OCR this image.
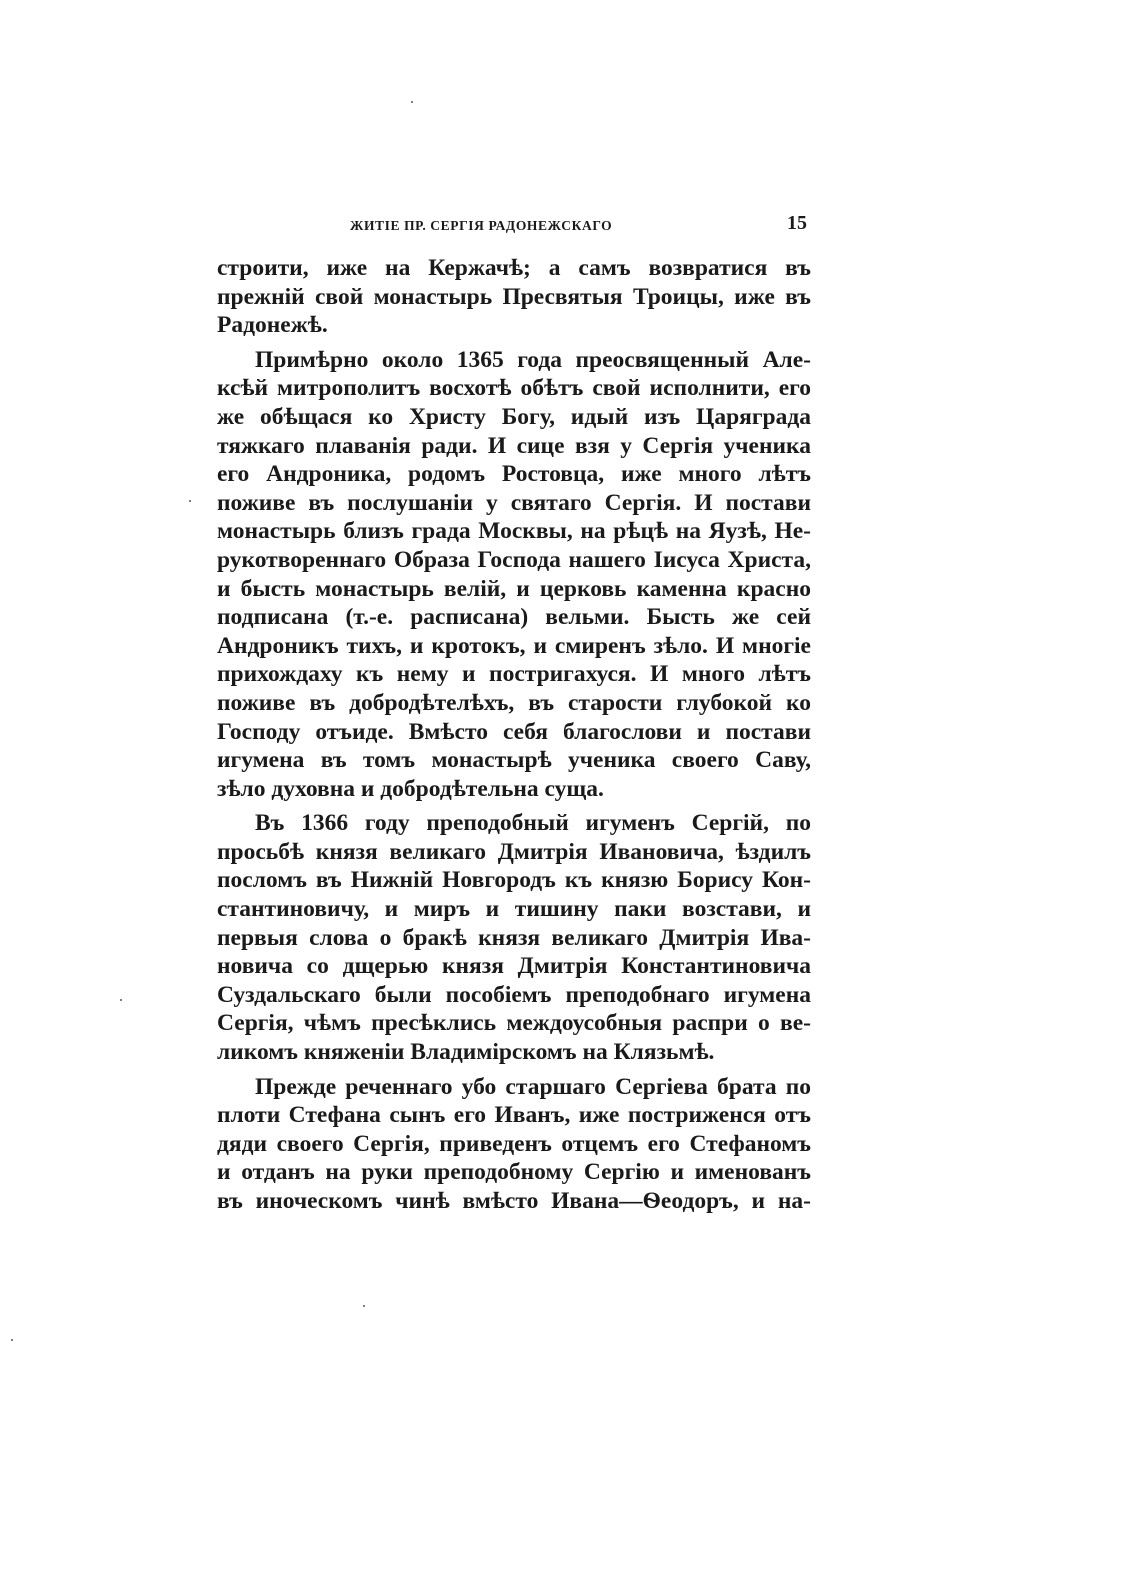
ЖИТІЕ ПР. СЕРГІЯ РАДОНЕЖСКАГО	15
строити, иже на Кержачѣ; а самъ возвратися въ
прежній свой монастырь Пресвятыя Троицы, иже въ
Радонежѣ.
Примѣрно около 1365 года преосвященный Але-
ксѣй митрополитъ восхотѣ обѣтъ свой исполнити, его
же обѣщася ко Христу Богу, идый изъ Царяграда
тяжкаго плаванія ради. И сице взя у Сергія ученика
его Андроника, родомъ Ростовца, иже много лѣтъ
поживе въ послушаніи у святаго Сергія. И постави
монастырь близъ града Москвы, на рѣцѣ на Яузѣ, Не-
рукотвореннаго Образа Господа нашего Іисуса Христа,
и бысть монастырь велій, и церковь каменна красно
подписана (т.-е. расписана) вельми. Бысть же сей
Андроникъ тихъ, и кротокъ, и смиренъ зѣло. И многіе
прихождаху къ нему и постригахуся. И много лѣтъ
поживе въ добродѣтелѣхъ, въ старости глубокой ко
Господу отъиде. Вмѣсто себя благослови и постави
игумена въ томъ монастырѣ ученика своего Саву,
зѣло духовна и добродѣтельна суща.
Въ 1366 году преподобный игуменъ Сергій, по
просьбѣ князя великаго Дмитрія Ивановича, ѣздилъ
посломъ въ Нижній Новгородъ къ князю Борису Кон-
стантиновичу, и миръ и тишину паки возстави, и
первыя слова о бракѣ князя великаго Дмитрія Ива-
новича со дщерью князя Дмитрія Константиновича
Суздальскаго были пособіемъ преподобнаго игумена
Сергія, чѣмъ пресѣклись междоусобныя распри о ве-
ликомъ княженіи Владимірскомъ на Клязьмѣ.
Прежде реченнаго убо старшаго Сергіева брата по
плоти Стефана сынъ его Иванъ, иже постриженся отъ
дяди своего Сергія, приведенъ отцемъ его Стефаномъ
и отданъ на руки преподобному Сергію и именованъ
въ иноческомъ чинѣ вмѣсто Ивана—Ѳеодоръ, и на-
